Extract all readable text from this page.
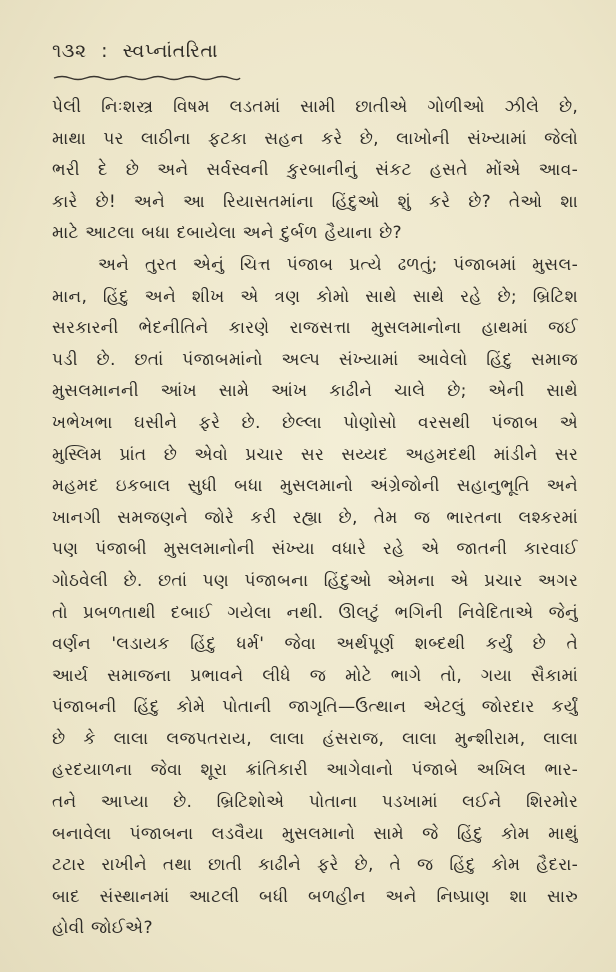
૧૩૨ : સ્વપ્નાંતરિતા
પેલી નિઃશસ્ત્ર વિષમ લડતમાં સામી છાતીએ ગોળીઓ ઝીલે છે,
માથા પર લાઠીના ફટકા સહન કરે છે, લાખોની સંખ્યામાં જેલો
ભરી દે છે અને સર્વસ્વની કુરબાનીનું સંકટ હસતે મોંએ આવ-
કારે છે! અને આ રિયાસતમાંના હિંદુઓ શું કરે છે? તેઓ શા
માટે આટલા બધા દબાયેલા અને દુર્બળ હૈયાના છે?
અને તુરત એનું ચિત્ત પંજાબ પ્રત્યે ઢળતું; પંજાબમાં મુસલ-
માન, હિંદુ અને શીખ એ ત્રણ કોમો સાથે સાથે રહે છે; બ્રિટિશ
સરકારની ભેદનીતિને કારણે રાજસત્તા મુસલમાનોના હાથમાં જઈ
પડી છે. છતાં પંજાબમાંનો અલ્પ સંખ્યામાં આવેલો હિંદુ સમાજ
મુસલમાનની આંખ સામે આંખ કાઢીને ચાલે છે; એની સાથે
ખભેખભા ઘસીને ફરે છે. છેલ્લા પોણોસો વરસથી પંજાબ એ
મુસ્લિમ પ્રાંત છે એવો પ્રચાર સર સય્યદ અહમદથી માંડીને સર
મહમદ ઇકબાલ સુધી બધા મુસલમાનો અંગ્રેજોની સહાનુભૂતિ અને
ખાનગી સમજણને જોરે કરી રહ્યા છે, તેમ જ ભારતના લશ્કરમાં
પણ પંજાબી મુસલમાનોની સંખ્યા વધારે રહે એ જાતની કારવાઈ
ગોઠવેલી છે. છતાં પણ પંજાબના હિંદુઓ એમના એ પ્રચાર અગર
તો પ્રબળતાથી દબાઈ ગયેલા નથી. ઊલટું ભગિની નિવેદિતાએ જેનું
વર્ણન 'લડાયક હિંદુ ધર્મ' જેવા અર્થપૂર્ણ શબ્દથી કર્યું છે તે
આર્ય સમાજના પ્રભાવને લીધે જ મોટે ભાગે તો, ગયા સૈકામાં
પંજાબની હિંદુ કોમે પોતાની જાગૃતિ—ઉત્થાન એટલું જોરદાર કર્યું
છે કે લાલા લજપતરાય, લાલા હંસરાજ, લાલા મુન્શીરામ, લાલા
હરદયાળના જેવા શૂરા ક્રાંતિકારી આગેવાનો પંજાબે અખિલ ભાર-
તને આપ્યા છે. બ્રિટિશોએ પોતાના પડખામાં લઈને શિરમોર
બનાવેલા પંજાબના લડવૈયા મુસલમાનો સામે જે હિંદુ કોમ માથું
ટટાર રાખીને તથા છાતી કાઢીને ફરે છે, તે જ હિંદુ કોમ હૈદરા-
બાદ સંસ્થાનમાં આટલી બધી બળહીન અને નિષ્પ્રાણ શા સારુ
હોવી જોઈએ?
